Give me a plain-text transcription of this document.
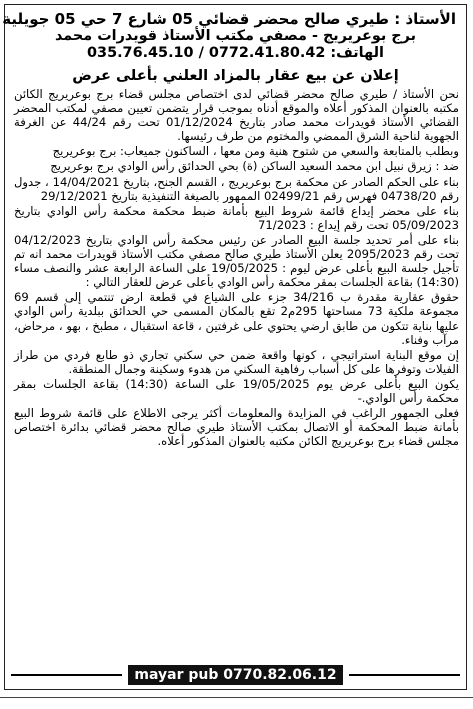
الأستاذ : طيري صالح محضر قضائي 05 شارع 7 حي 05 جويلية
برج بوعريريج - مصفي مكتب الأستاذ قويدرات محمد
الهاتف: 035.76.45.10 / 0772.41.80.42
إعلان عن بيع عقار بالمزاد العلني بأعلى عرض

نحن الأستاذ / طيري صالح محضر قضائي لدى اختصاص مجلس قضاء برج بوعريريج الكائن مكتبه بالعنوان المذكور أعلاه والموقع أدناه بموجب قرار يتضمن تعيين مصفي لمكتب المحضر القضائي الأستاذ قويدرات محمد صادر بتاريخ 01/12/2024 تحت رقم 44/24 عن الغرفة الجهوية لناحية الشرق الممضي والمختوم من طرف رئيسها.

وبطلب بالمتابعة والسعي من شتوح هنية ومن معها ، الساكنون جميعاب: برج بوعريريج

ضد : زيرق نبيل ابن محمد السعيد الساكن (ة) بحي الحدائق رأس الوادي برج بوعريريج

بناء على الحكم الصادر عن محكمة برج بوعريريج ، القسم الجنح، بتاريخ 14/04/2021 ، جدول رقم 04738/20 فهرس رقم 02499/21 الممهور بالصيغة التنفيذية بتاريخ 29/12/2021

بناء على محضر إيداع قائمة شروط البيع بأمانة ضبط محكمة محكمة رأس الوادي بتاريخ 05/09/2023 تحت رقم إيداع : 71/2023

بناء على أمر تحديد جلسة البيع الصادر عن رئيس محكمة رأس الوادي بتاريخ 04/12/2023 تحت رقم 2095/2023 يعلن الأستاذ طيري صالح مصفي مكتب الأستاذ قويدرات محمد انه تم تأجيل جلسة البيع بأعلى عرض ليوم : 19/05/2025 على الساعة الرابعة عشر والنصف مساء (14:30) بقاعة الجلسات بمقر محكمة رأس الوادي بأعلى عرض للعقار التالي :

حقوق عقارية مقدرة ب 34/216 جزء على الشياع في قطعة ارض تنتمي إلى قسم 69 مجموعة ملكية 73 مساحتها 295م2 تقع بالمكان المسمى حي الحدائق ببلدية رأس الوادي عليها بناية تتكون من طابق ارضي يحتوي على غرفتين ، قاعة استقبال ، مطبخ ، بهو ، مرحاض، مرآب وفناء.

إن موقع البناية استراتيجي ، كونها واقعة ضمن حي سكني تجاري ذو طابع فردي من طراز الفيلات وتوفرها على كل أسباب رفاهية السكني من هدوء وسكينة وجمال المنطقة.

يكون البيع بأعلى عرض يوم 19/05/2025 على الساعة (14:30) بقاعة الجلسات بمقر محكمة رأس الوادي.-

فعلى الجمهور الراغب في المزايدة والمعلومات أكثر يرجى الاطلاع على قائمة شروط البيع بأمانة ضبط المحكمة أو الاتصال بمكتب الأستاذ طيري صالح محضر قضائي بدائرة اختصاص مجلس قضاء برج بوعريريج الكائن مكتبه بالعنوان المذكور أعلاه.

mayar pub 0770.82.06.12
